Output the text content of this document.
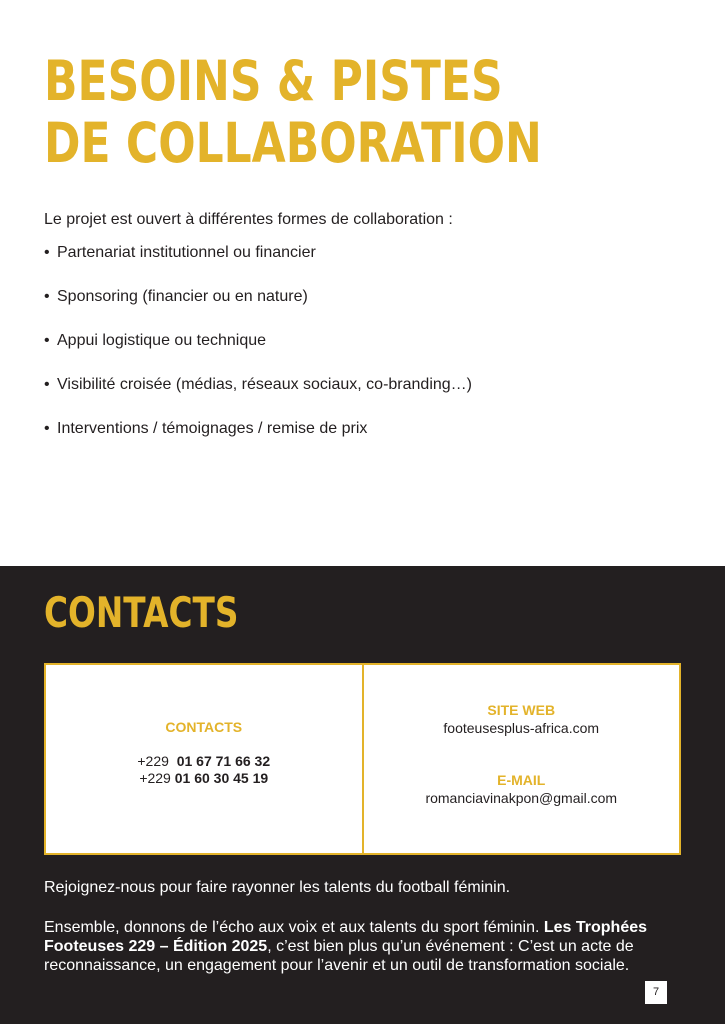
BESOINS & PISTES
DE COLLABORATION

Le projet est ouvert à différentes formes de collaboration :

• Partenariat institutionnel ou financier
• Sponsoring (financier ou en nature)
• Appui logistique ou technique
• Visibilité croisée (médias, réseaux sociaux, co-branding…)
• Interventions / témoignages / remise de prix
CONTACTS
CONTACTS
+229 01 67 71 66 32
+229 01 60 30 45 19
SITE WEB
footeusesplus-africa.com
E-MAIL
romanciavinakpon@gmail.com

Rejoignez-nous pour faire rayonner les talents du football féminin.

Ensemble, donnons de l’écho aux voix et aux talents du sport féminin. Les Trophées Footeuses 229 – Édition 2025, c’est bien plus qu’un événement : C’est un acte de reconnaissance, un engagement pour l’avenir et un outil de transformation sociale.

7
